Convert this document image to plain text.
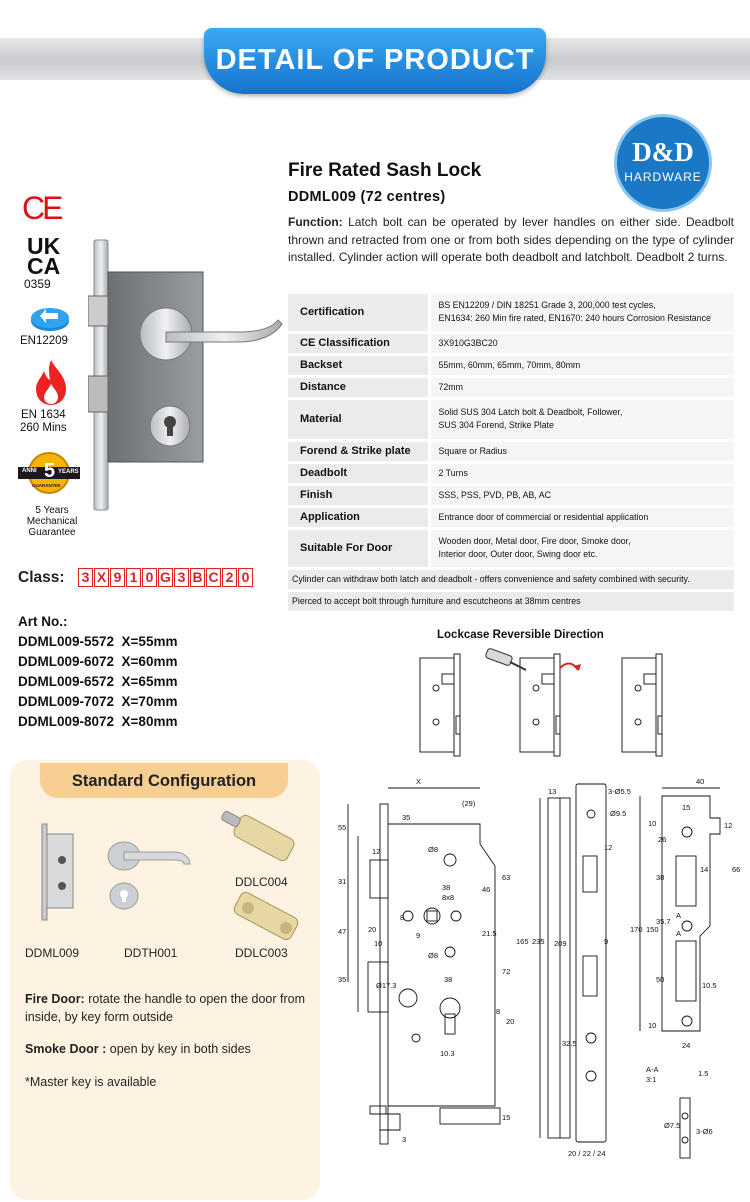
DETAIL OF PRODUCT
D&D
HARDWARE
CE
UK
CA
0359
EN12209
EN 1634
260 Mins
ANNI 5 YEARS
GUARANTEE
5 Years
Mechanical
Guarantee
Fire Rated Sash Lock
DDML009 (72 centres)
Function: Latch bolt can be operated by lever handles on either side. Deadbolt thrown and retracted from one or from both sides depending on the type of cylinder installed. Cylinder action will operate both deadbolt and latchbolt. Deadbolt 2 turns.
Certification	BS EN12209 / DIN 18251 Grade 3, 200,000 test cycles,
EN1634: 260 Min fire rated, EN1670: 240 hours Corrosion Resistance

CE Classification	3X910G3BC20
Backset	55mm, 60mm, 65mm, 70mm, 80mm
Distance	72mm
Material	Solid SUS 304 Latch bolt & Deadbolt, Follower,
SUS 304 Forend, Strike Plate

Forend & Strike plate	Square or Radius
Deadbolt	2 Turns
Finish	SSS, PSS, PVD, PB, AB, AC
Application	Entrance door of commercial or residential application
Suitable For Door	Wooden door, Metal door, Fire door, Smoke door,
Interior door, Outer door, Swing door etc.

Cylinder can withdraw both latch and deadbolt - offers convenience and safety combined with security.	
Pierced to accept bolt through furniture and escutcheons at 38mm centres	
Class: 3 X 9 1 0 G 3 B C 2 0
Art No.:
DDML009-5572  X=55mm
DDML009-6072  X=60mm
DDML009-6572  X=65mm
DDML009-7072  X=70mm
DDML009-8072  X=80mm
Lockcase Reversible Direction
Standard Configuration
DDML009	DDTH001
DDLC004
DDLC003
Fire Door: rotate the handle to open the door from inside, by key form outside
Smoke Door : open by key in both sides
*Master key is available
X
(29)
55
35
12	Ø8
31
38
8x8
46
63
8
9
47	20
10
21.5
165 235 209
Ø8
72
35
Ø17.3
38
8
20
10.3
3
15
13	3-Ø5.5
Ø9.5
12
9
32.5
20 / 22 / 24
40
15
10
26
12
14	66
38
35.7
A
A
170 150
50
10.5
10
24
A-A
3:1
1.5
Ø7.5
3-Ø6
